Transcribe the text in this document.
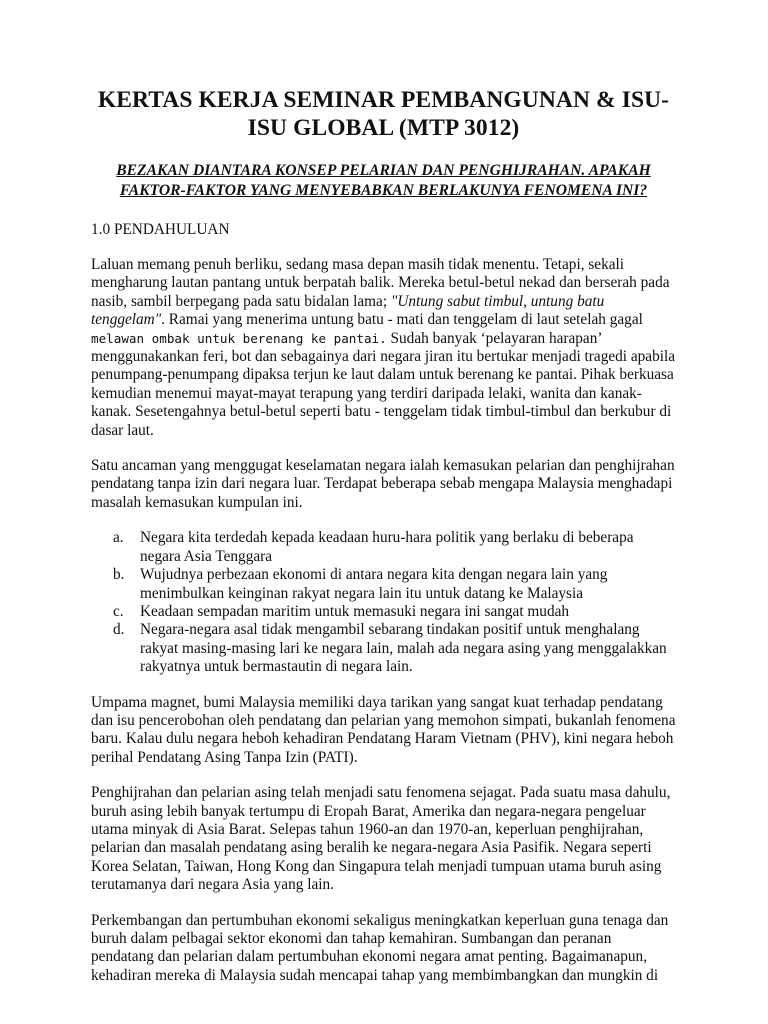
KERTAS KERJA SEMINAR PEMBANGUNAN & ISU-ISU GLOBAL (MTP 3012)
BEZAKAN DIANTARA KONSEP PELARIAN DAN PENGHIJRAHAN. APAKAH FAKTOR-FAKTOR YANG MENYEBABKAN BERLAKUNYA FENOMENA INI?
1.0 PENDAHULUAN

Laluan memang penuh berliku, sedang masa depan masih tidak menentu. Tetapi, sekali mengharung lautan pantang untuk berpatah balik. Mereka betul-betul nekad dan berserah pada nasib, sambil berpegang pada satu bidalan lama; "Untung sabut timbul, untung batu tenggelam". Ramai yang menerima untung batu - mati dan tenggelam di laut setelah gagal melawan ombak untuk berenang ke pantai. Sudah banyak ‘pelayaran harapan’ menggunakankan feri, bot dan sebagainya dari negara jiran itu bertukar menjadi tragedi apabila penumpang-penumpang dipaksa terjun ke laut dalam untuk berenang ke pantai. Pihak berkuasa kemudian menemui mayat-mayat terapung yang terdiri daripada lelaki, wanita dan kanak-kanak. Sesetengahnya betul-betul seperti batu - tenggelam tidak timbul-timbul dan berkubur di dasar laut.

Satu ancaman yang menggugat keselamatan negara ialah kemasukan pelarian dan penghijrahan pendatang tanpa izin dari negara luar. Terdapat beberapa sebab mengapa Malaysia menghadapi masalah kemasukan kumpulan ini.

a. Negara kita terdedah kepada keadaan huru-hara politik yang berlaku di beberapa negara Asia Tenggara
b. Wujudnya perbezaan ekonomi di antara negara kita dengan negara lain yang menimbulkan keinginan rakyat negara lain itu untuk datang ke Malaysia
c. Keadaan sempadan maritim untuk memasuki negara ini sangat mudah
d. Negara-negara asal tidak mengambil sebarang tindakan positif untuk menghalang rakyat masing-masing lari ke negara lain, malah ada negara asing yang menggalakkan rakyatnya untuk bermastautin di negara lain.

Umpama magnet, bumi Malaysia memiliki daya tarikan yang sangat kuat terhadap pendatang dan isu pencerobohan oleh pendatang dan pelarian yang memohon simpati, bukanlah fenomena baru. Kalau dulu negara heboh kehadiran Pendatang Haram Vietnam (PHV), kini negara heboh perihal Pendatang Asing Tanpa Izin (PATI).

Penghijrahan dan pelarian asing telah menjadi satu fenomena sejagat. Pada suatu masa dahulu, buruh asing lebih banyak tertumpu di Eropah Barat, Amerika dan negara-negara pengeluar utama minyak di Asia Barat. Selepas tahun 1960-an dan 1970-an, keperluan penghijrahan, pelarian dan masalah pendatang asing beralih ke negara-negara Asia Pasifik. Negara seperti Korea Selatan, Taiwan, Hong Kong dan Singapura telah menjadi tumpuan utama buruh asing terutamanya dari negara Asia yang lain.

Perkembangan dan pertumbuhan ekonomi sekaligus meningkatkan keperluan guna tenaga dan buruh dalam pelbagai sektor ekonomi dan tahap kemahiran. Sumbangan dan peranan pendatang dan pelarian dalam pertumbuhan ekonomi negara amat penting. Bagaimanapun, kehadiran mereka di Malaysia sudah mencapai tahap yang membimbangkan dan mungkin di
